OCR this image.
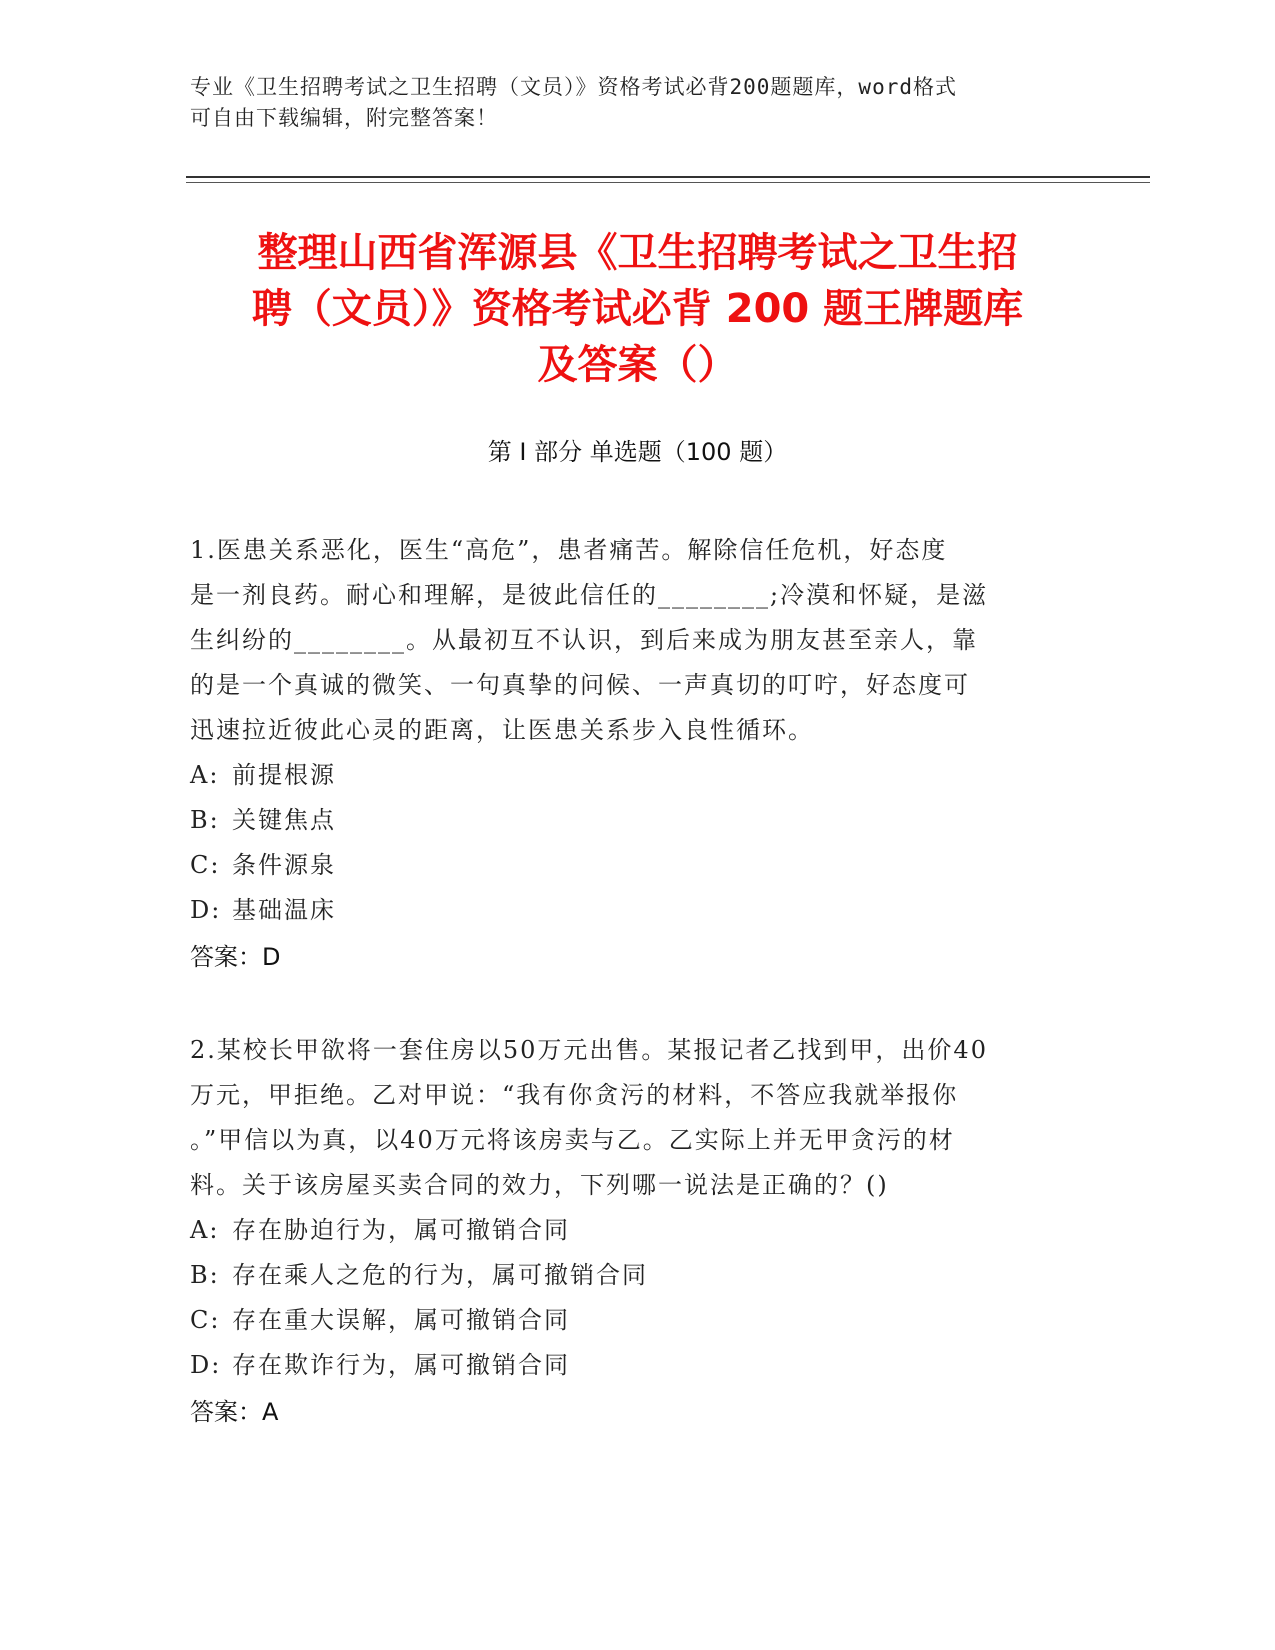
专业《卫生招聘考试之卫生招聘（文员）》资格考试必背200题题库，word格式
可自由下载编辑，附完整答案！
整理山西省浑源县《卫生招聘考试之卫生招
聘（文员）》资格考试必背 200 题王牌题库
及答案（）
第 I 部分 单选题（100 题）
1.医患关系恶化，医生“高危”，患者痛苦。解除信任危机，好态度
是一剂良药。耐心和理解，是彼此信任的________;冷漠和怀疑，是滋
生纠纷的________。从最初互不认识，到后来成为朋友甚至亲人，靠
的是一个真诚的微笑、一句真挚的问候、一声真切的叮咛，好态度可
迅速拉近彼此心灵的距离，让医患关系步入良性循环。
A: 前提根源
B: 关键焦点
C: 条件源泉
D: 基础温床
答案：D
2.某校长甲欲将一套住房以50万元出售。某报记者乙找到甲，出价40
万元，甲拒绝。乙对甲说：“我有你贪污的材料，不答应我就举报你
。”甲信以为真，以40万元将该房卖与乙。乙实际上并无甲贪污的材
料。关于该房屋买卖合同的效力，下列哪一说法是正确的？()
A: 存在胁迫行为，属可撤销合同
B: 存在乘人之危的行为，属可撤销合同
C: 存在重大误解，属可撤销合同
D: 存在欺诈行为，属可撤销合同
答案：A
